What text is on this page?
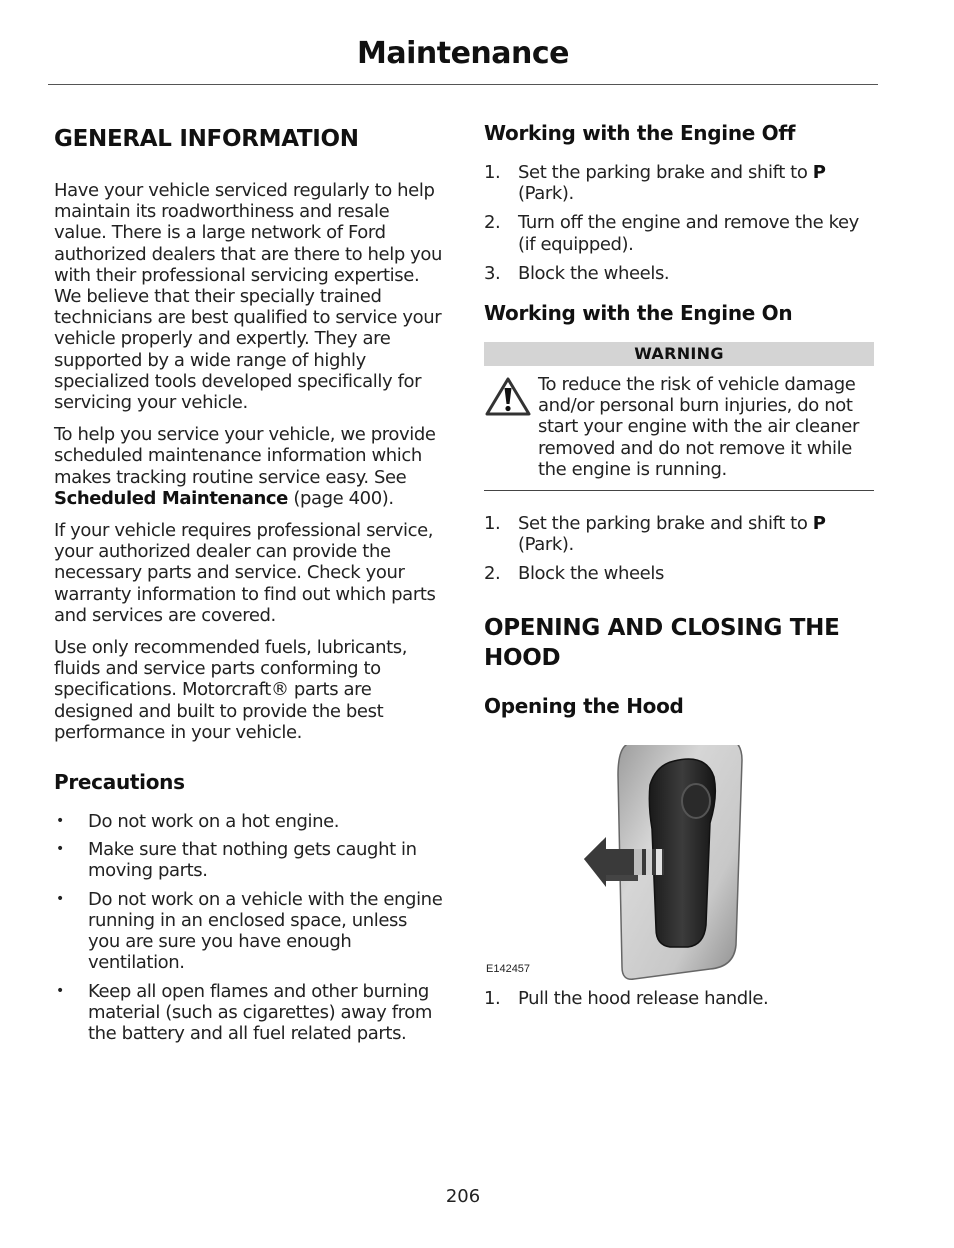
Maintenance
GENERAL INFORMATION

Have your vehicle serviced regularly to help maintain its roadworthiness and resale value. There is a large network of Ford authorized dealers that are there to help you with their professional servicing expertise. We believe that their specially trained technicians are best qualified to service your vehicle properly and expertly. They are supported by a wide range of highly specialized tools developed specifically for servicing your vehicle.

To help you service your vehicle, we provide scheduled maintenance information which makes tracking routine service easy. See Scheduled Maintenance (page 400).

If your vehicle requires professional service, your authorized dealer can provide the necessary parts and service. Check your warranty information to find out which parts and services are covered.

Use only recommended fuels, lubricants, fluids and service parts conforming to specifications. Motorcraft® parts are designed and built to provide the best performance in your vehicle.

Precautions
• Do not work on a hot engine.
• Make sure that nothing gets caught in moving parts.
• Do not work on a vehicle with the engine running in an enclosed space, unless you are sure you have enough ventilation.
• Keep all open flames and other burning material (such as cigarettes) away from the battery and all fuel related parts.
Working with the Engine Off
1. Set the parking brake and shift to P (Park).
2. Turn off the engine and remove the key (if equipped).
3. Block the wheels.
Working with the Engine On
WARNING
To reduce the risk of vehicle damage and/or personal burn injuries, do not start your engine with the air cleaner removed and do not remove it while the engine is running.
1. Set the parking brake and shift to P (Park).
2. Block the wheels
OPENING AND CLOSING THE HOOD
Opening the Hood
E142457
1. Pull the hood release handle.
206
